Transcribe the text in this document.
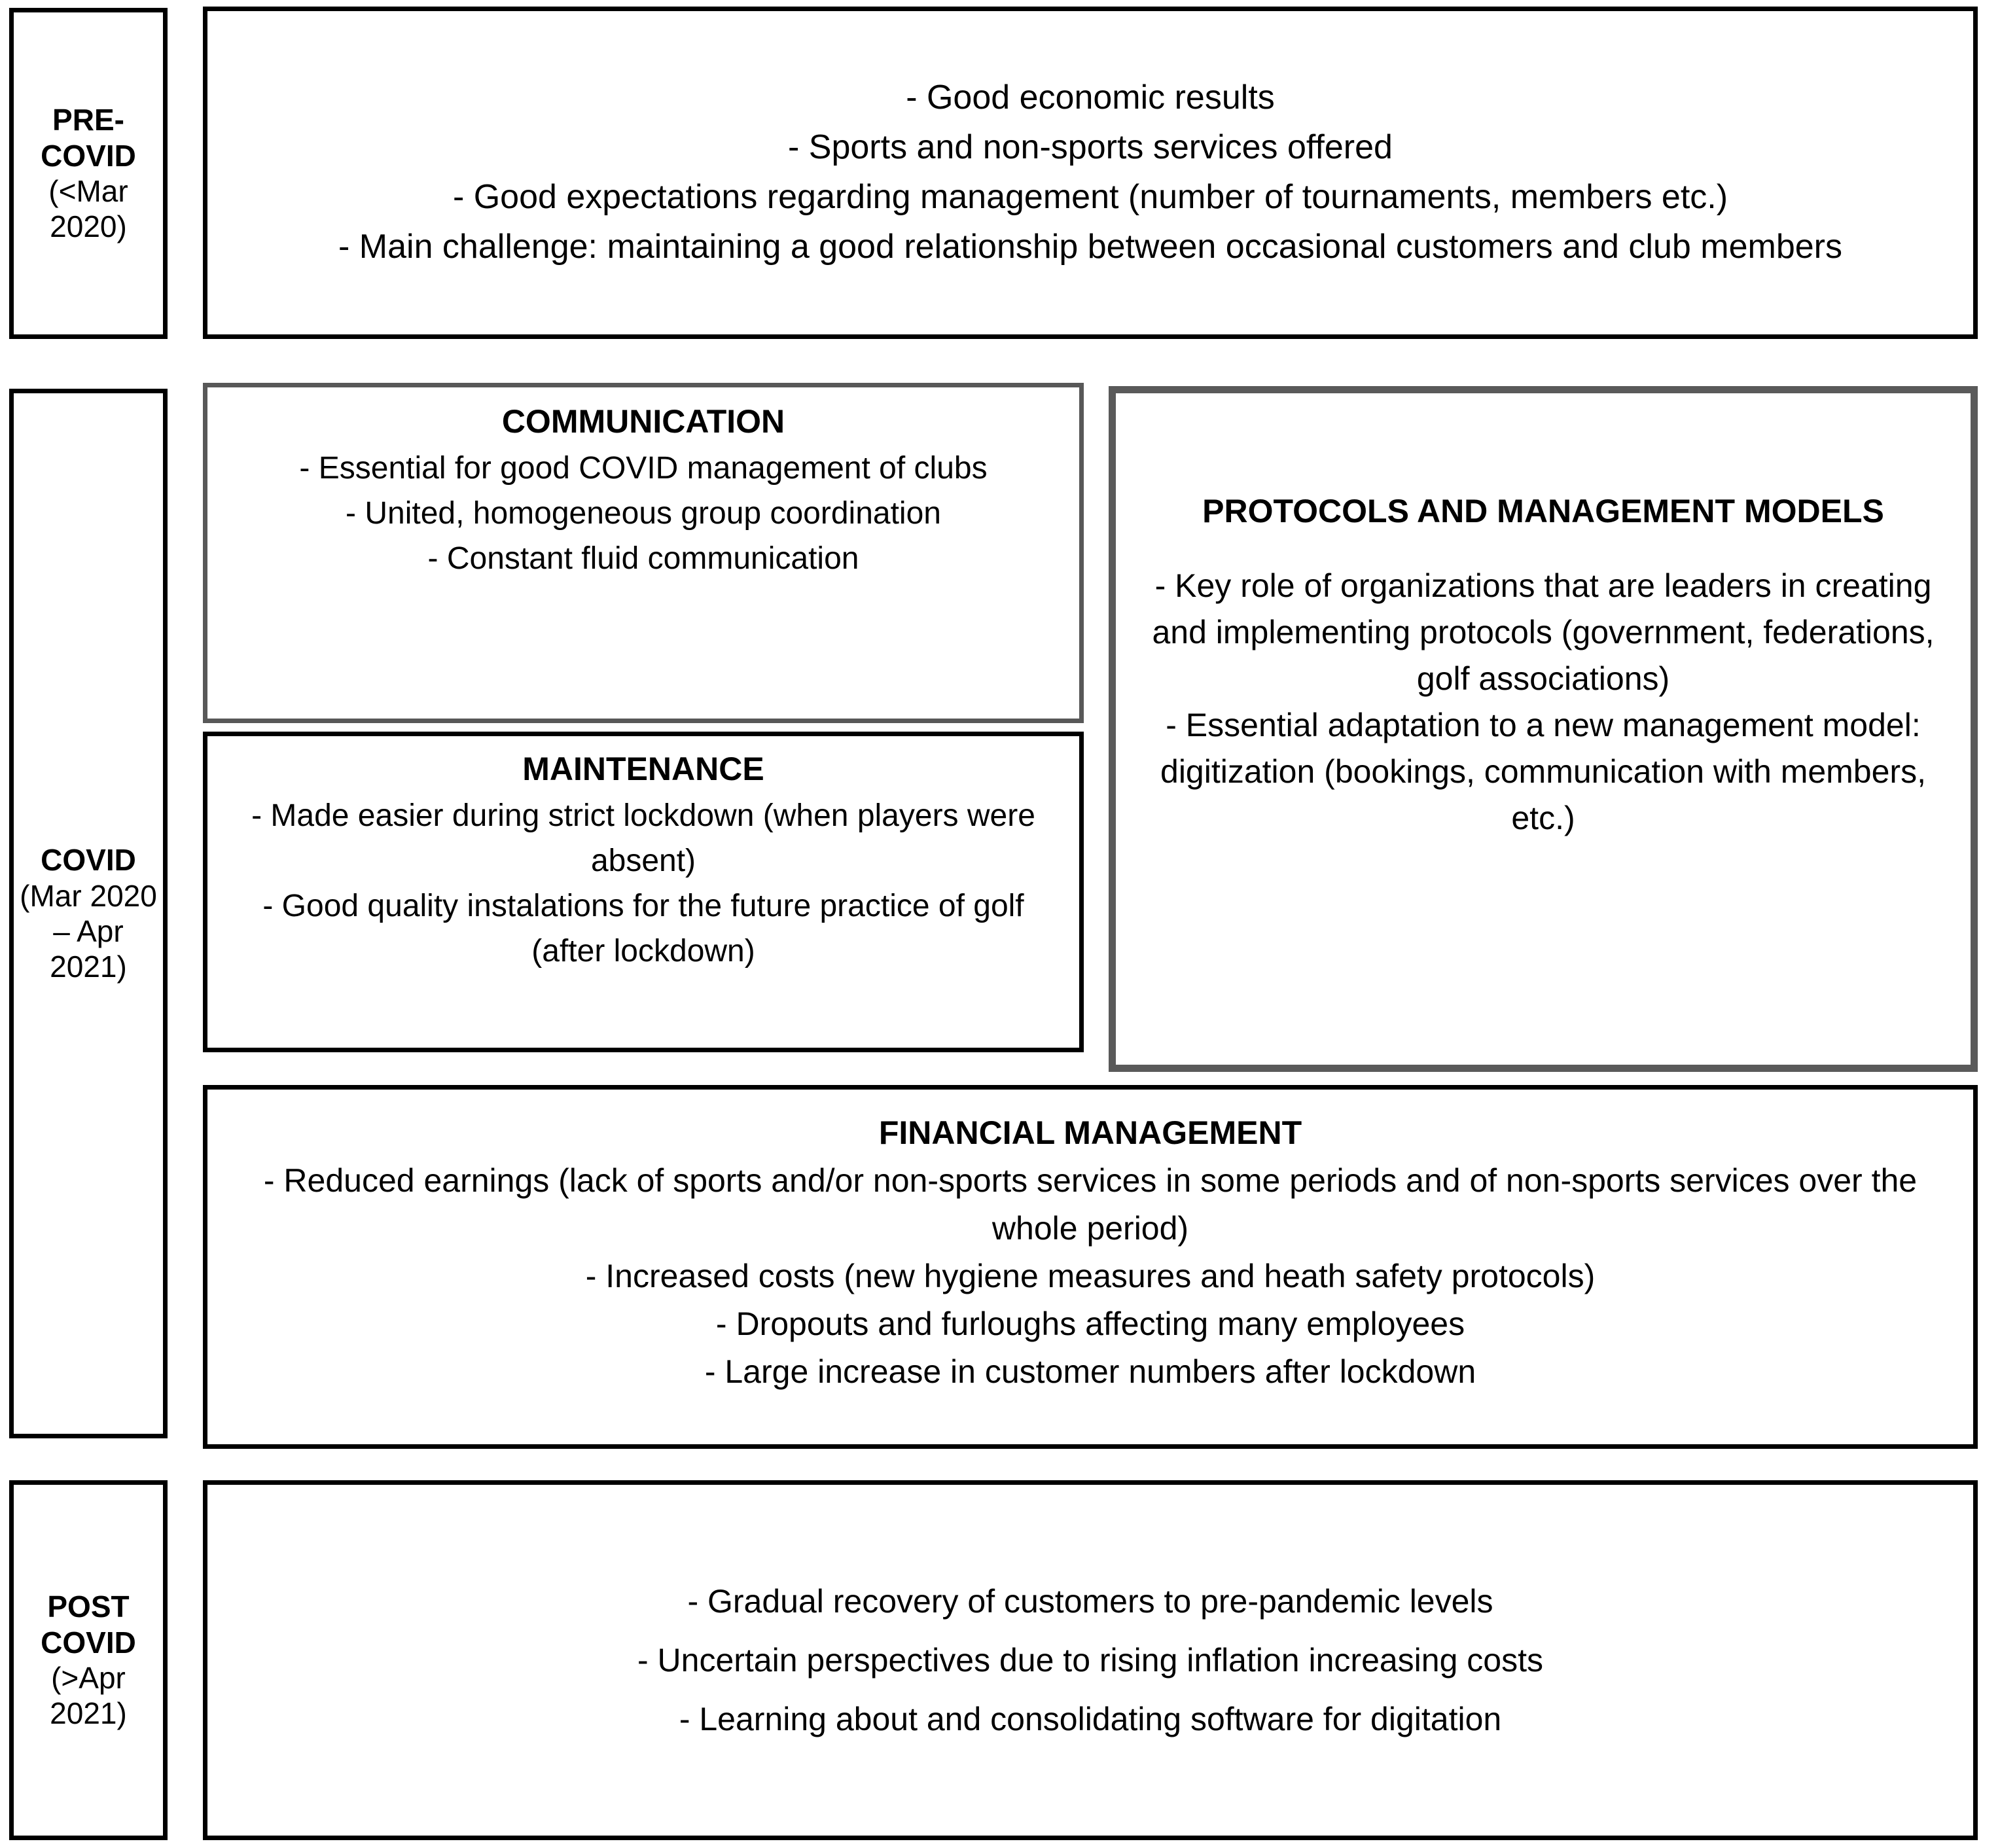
PRE-COVID
(<Mar 2020)
COVID
(Mar 2020 – Apr 2021)
POST COVID
(>Apr 2021)
- Good economic results
- Sports and non-sports services offered
- Good expectations regarding management (number of tournaments, members etc.)
- Main challenge: maintaining a good relationship between occasional customers and club members
COMMUNICATION
- Essential for good COVID management of clubs
- United, homogeneous group coordination
- Constant fluid communication
MAINTENANCE
- Made easier during strict lockdown (when players were absent)
- Good quality instalations for the future practice of golf (after lockdown)
PROTOCOLS AND MANAGEMENT MODELS
- Key role of organizations that are leaders in creating and implementing protocols (government, federations, golf associations)
- Essential adaptation to a new management model: digitization (bookings, communication with members, etc.)
FINANCIAL MANAGEMENT
- Reduced earnings (lack of sports and/or non-sports services in some periods and of non-sports services over the whole period)
- Increased costs (new hygiene measures and heath safety protocols)
- Dropouts and furloughs affecting many employees
- Large increase in customer numbers after lockdown
- Gradual recovery of customers to pre-pandemic levels
- Uncertain perspectives due to rising inflation increasing costs
- Learning about and consolidating software for digitation
